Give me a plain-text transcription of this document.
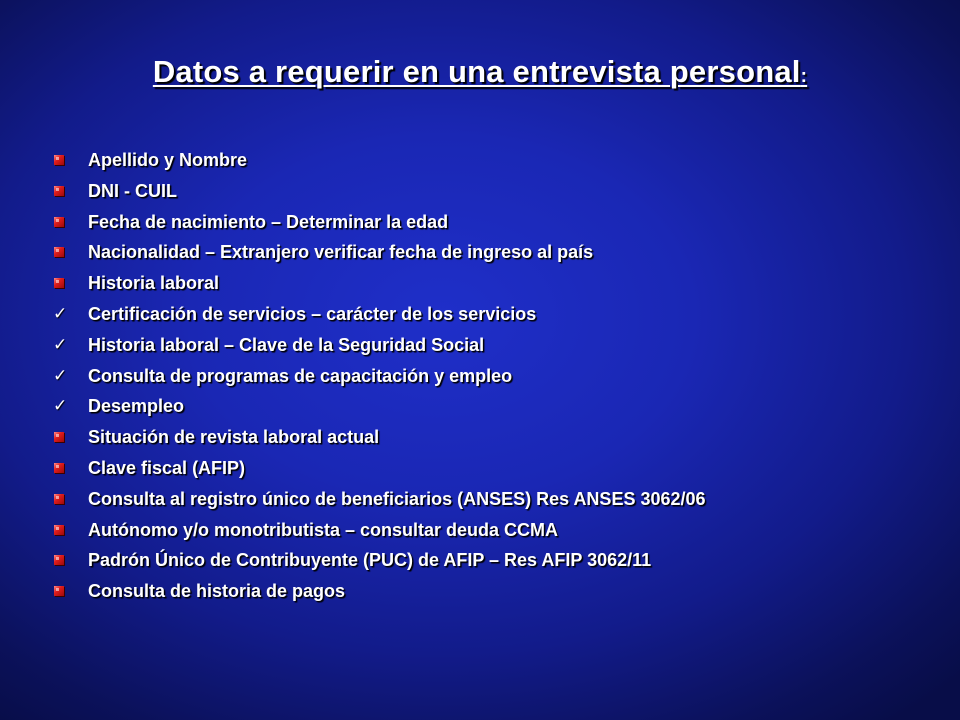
Datos a requerir en una entrevista personal:
Apellido y Nombre
DNI - CUIL
Fecha de nacimiento – Determinar la edad
Nacionalidad – Extranjero verificar fecha de ingreso al país
Historia laboral
✓ Certificación de servicios – carácter de los servicios
✓ Historia laboral – Clave de la Seguridad Social
✓ Consulta de programas de capacitación y empleo
✓ Desempleo
Situación de revista laboral actual
Clave fiscal (AFIP)
Consulta al registro único de beneficiarios (ANSES) Res ANSES 3062/06
Autónomo y/o monotributista – consultar deuda CCMA
Padrón Único de Contribuyente (PUC) de AFIP – Res AFIP 3062/11
Consulta de historia de pagos
